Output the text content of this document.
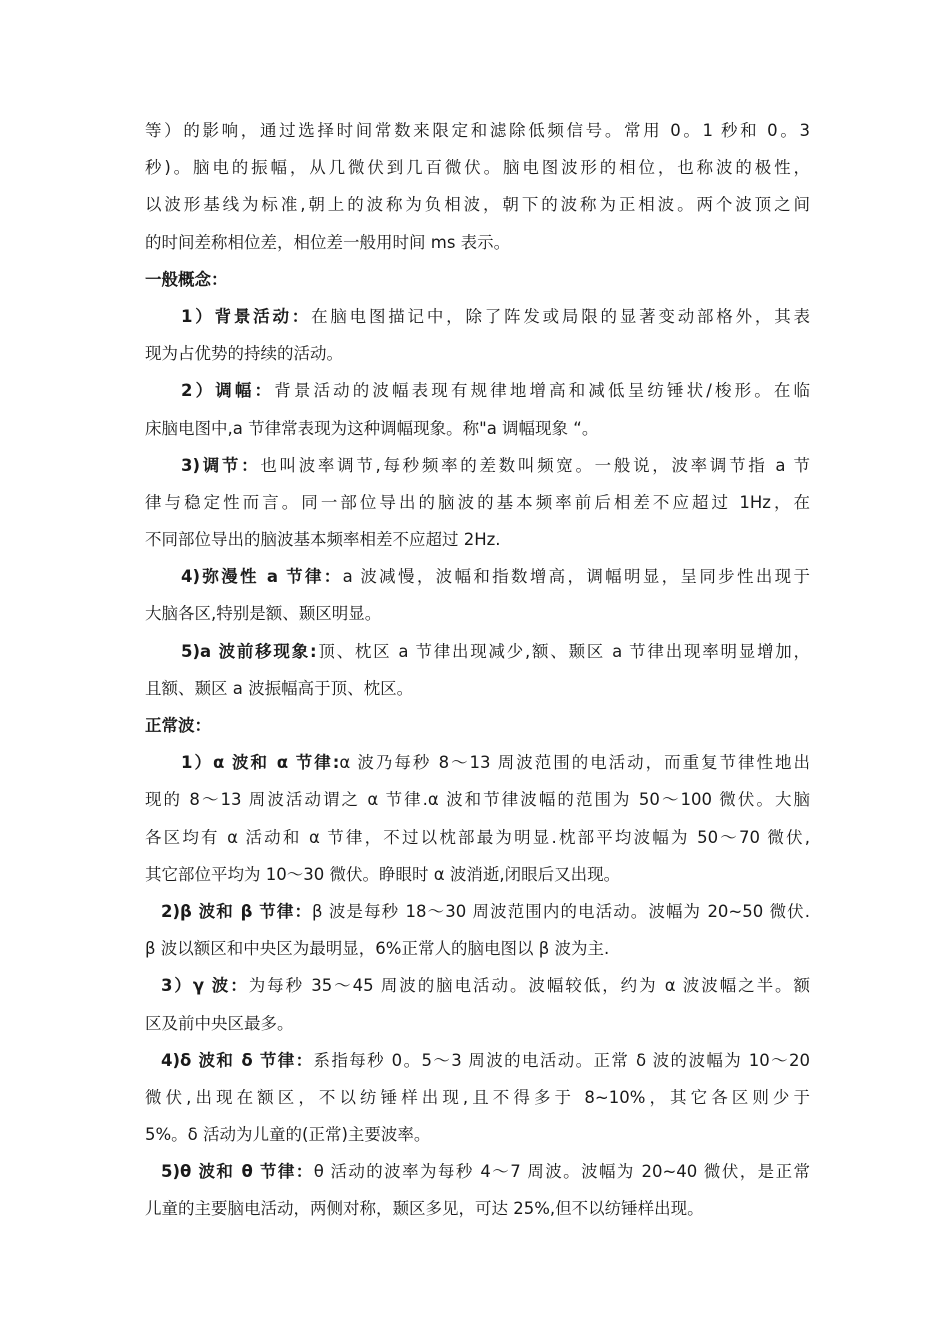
等）的影响，通过选择时间常数来限定和滤除低频信号。常用 0。1 秒和 0。3
秒)。脑电的振幅，从几微伏到几百微伏。脑电图波形的相位，也称波的极性，
以波形基线为标准,朝上的波称为负相波，朝下的波称为正相波。两个波顶之间
的时间差称相位差，相位差一般用时间 ms 表示。
一般概念：
1）背景活动：在脑电图描记中，除了阵发或局限的显著变动部格外，其表
现为占优势的持续的活动。
2）调幅：背景活动的波幅表现有规律地增高和减低呈纺锤状/梭形。在临
床脑电图中,a 节律常表现为这种调幅现象。称"a 调幅现象 “。
3)调节：也叫波率调节,每秒频率的差数叫频宽。一般说，波率调节指 a 节
律与稳定性而言。同一部位导出的脑波的基本频率前后相差不应超过 1Hz，在
不同部位导出的脑波基本频率相差不应超过 2Hz.
4)弥漫性 a 节律：a 波减慢，波幅和指数增高，调幅明显，呈同步性出现于
大脑各区,特别是额、颞区明显。
5)a 波前移现象:顶、枕区 a 节律出现减少,额、颞区 a 节律出现率明显增加，
且额、颞区 a 波振幅高于顶、枕区。
正常波：
1）α 波和 α 节律:α 波乃每秒 8～13 周波范围的电活动，而重复节律性地出
现的 8～13 周波活动谓之 α 节律.α 波和节律波幅的范围为 50～100 微伏。大脑
各区均有 α 活动和 α 节律，不过以枕部最为明显.枕部平均波幅为 50～70 微伏,
其它部位平均为 10～30 微伏。睁眼时 α 波消逝,闭眼后又出现。
2)β 波和 β 节律：β 波是每秒 18～30 周波范围内的电活动。波幅为 20~50 微伏.
β 波以额区和中央区为最明显，6%正常人的脑电图以 β 波为主.
3）γ 波：为每秒 35～45 周波的脑电活动。波幅较低，约为 α 波波幅之半。额
区及前中央区最多。
4)δ 波和 δ 节律：系指每秒 0。5～3 周波的电活动。正常 δ 波的波幅为 10～20
微伏,出现在额区，不以纺锤样出现,且不得多于 8~10%，其它各区则少于
5%。δ 活动为儿童的(正常)主要波率。
5)θ 波和 θ 节律：θ 活动的波率为每秒 4～7 周波。波幅为 20~40 微伏，是正常
儿童的主要脑电活动，两侧对称，颞区多见，可达 25%,但不以纺锤样出现。
